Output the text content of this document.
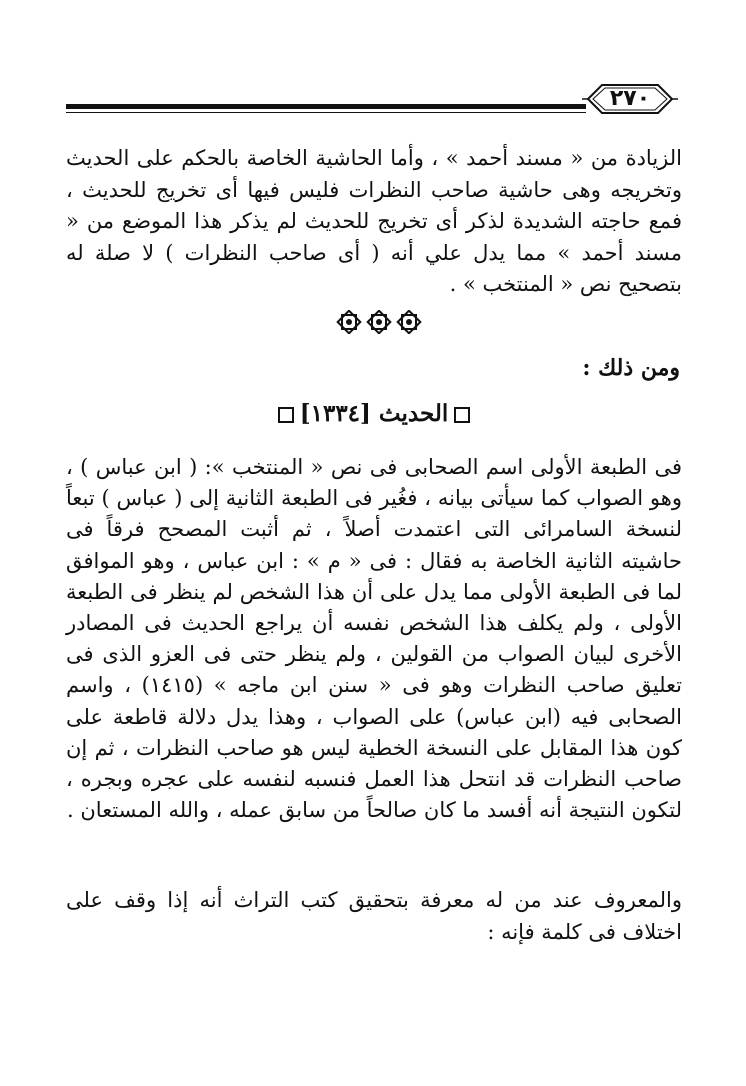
٢٧٠

الزيادة من « مسند أحمد » ، وأما الحاشية الخاصة بالحكم على الحديث وتخريجه وهى حاشية صاحب النظرات فليس فيها أى تخريج للحديث ، فمع حاجته الشديدة لذكر أى تخريج للحديث لم يذكر هذا الموضع من « مسند أحمد » مما يدل علي أنه ( أى صاحب النظرات ) لا صلة له بتصحيح نص « المنتخب » .

ومن ذلك :
الحديث [١٣٣٤]

فى الطبعة الأولى اسم الصحابى فى نص « المنتخب »: ( ابن عباس ) ، وهو الصواب كما سيأتى بيانه ، فغُير فى الطبعة الثانية إلى ( عباس ) تبعاً لنسخة السامرائى التى اعتمدت أصلاً ، ثم أثبت المصحح فرقاً فى حاشيته الثانية الخاصة به فقال : فى « م » : ابن عباس ، وهو الموافق لما فى الطبعة الأولى مما يدل على أن هذا الشخص لم ينظر فى الطبعة الأولى ، ولم يكلف هذا الشخص نفسه أن يراجع الحديث فى المصادر الأخرى لبيان الصواب من القولين ، ولم ينظر حتى فى العزو الذى فى تعليق صاحب النظرات وهو فى « سنن ابن ماجه » (١٤١٥) ، واسم الصحابى فيه (ابن عباس) على الصواب ، وهذا يدل دلالة قاطعة على كون هذا المقابل على النسخة الخطية ليس هو صاحب النظرات ، ثم إن صاحب النظرات قد انتحل هذا العمل فنسبه لنفسه على عجره وبجره ، لتكون النتيجة أنه أفسد ما كان صالحاً من سابق عمله ، والله المستعان .

والمعروف عند من له معرفة بتحقيق كتب التراث أنه إذا وقف على اختلاف فى كلمة فإنه :
